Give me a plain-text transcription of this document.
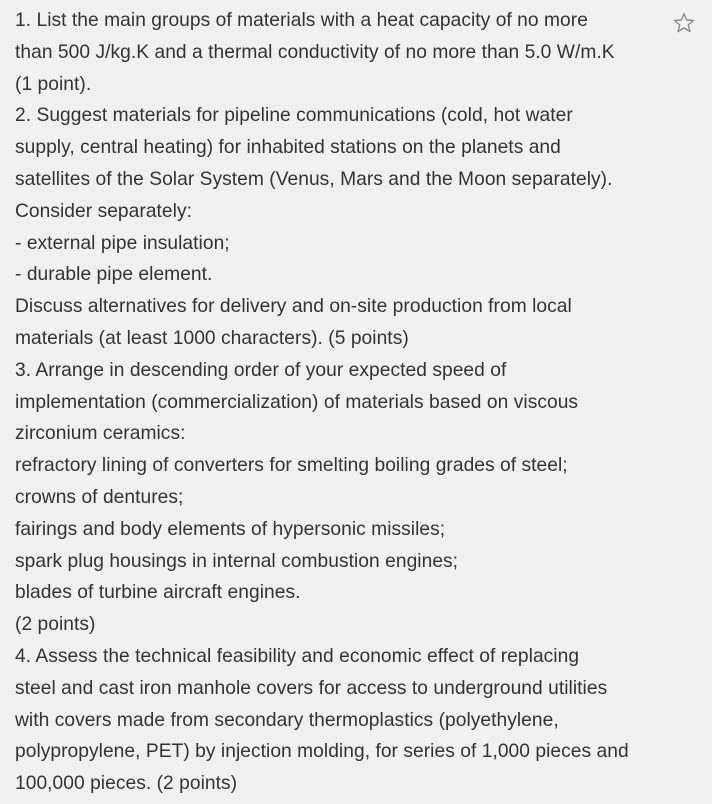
1. List the main groups of materials with a heat capacity of no more
than 500 J/kg.K and a thermal conductivity of no more than 5.0 W/m.K
(1 point).
2. Suggest materials for pipeline communications (cold, hot water
supply, central heating) for inhabited stations on the planets and
satellites of the Solar System (Venus, Mars and the Moon separately).
Consider separately:
- external pipe insulation;
- durable pipe element.
Discuss alternatives for delivery and on-site production from local
materials (at least 1000 characters). (5 points)
3. Arrange in descending order of your expected speed of
implementation (commercialization) of materials based on viscous
zirconium ceramics:
refractory lining of converters for smelting boiling grades of steel;
crowns of dentures;
fairings and body elements of hypersonic missiles;
spark plug housings in internal combustion engines;
blades of turbine aircraft engines.
(2 points)
4. Assess the technical feasibility and economic effect of replacing
steel and cast iron manhole covers for access to underground utilities
with covers made from secondary thermoplastics (polyethylene,
polypropylene, PET) by injection molding, for series of 1,000 pieces and
100,000 pieces. (2 points)
